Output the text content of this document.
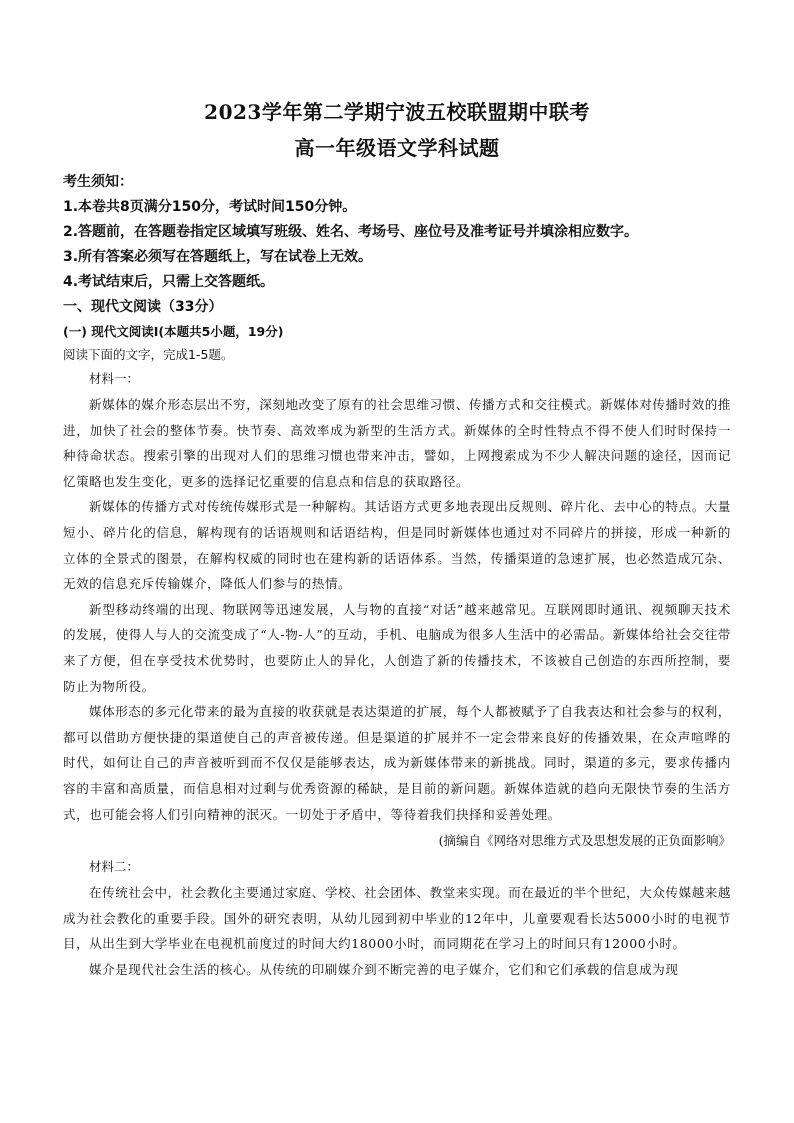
2023学年第二学期宁波五校联盟期中联考
高一年级语文学科试题
考生须知：
1.本卷共8页满分150分，考试时间150分钟。
2.答题前，在答题卷指定区域填写班级、姓名、考场号、座位号及准考证号并填涂相应数字。
3.所有答案必须写在答题纸上，写在试卷上无效。
4.考试结束后，只需上交答题纸。
一、现代文阅读（33分）
(一) 现代文阅读Ⅰ(本题共5小题，19分)
阅读下面的文字，完成1-5题。
材料一：

新媒体的媒介形态层出不穷，深刻地改变了原有的社会思维习惯、传播方式和交往模式。新媒体对传播时效的推进，加快了社会的整体节奏。快节奏、高效率成为新型的生活方式。新媒体的全时性特点不得不使人们时时保持一种待命状态。搜索引擎的出现对人们的思维习惯也带来冲击，譬如，上网搜索成为不少人解决问题的途径，因而记忆策略也发生变化，更多的选择记忆重要的信息点和信息的获取路径。

新媒体的传播方式对传统传媒形式是一种解构。其话语方式更多地表现出反规则、碎片化、去中心的特点。大量短小、碎片化的信息，解构现有的话语规则和话语结构，但是同时新媒体也通过对不同碎片的拼接，形成一种新的立体的全景式的图景，在解构权威的同时也在建构新的话语体系。当然，传播渠道的急速扩展，也必然造成冗杂、无效的信息充斥传输媒介，降低人们参与的热情。

新型移动终端的出现、物联网等迅速发展，人与物的直接“对话”越来越常见。互联网即时通讯、视频聊天技术的发展，使得人与人的交流变成了“人-物-人”的互动，手机、电脑成为很多人生活中的必需品。新媒体给社会交往带来了方便，但在享受技术优势时，也要防止人的异化，人创造了新的传播技术，不该被自己创造的东西所控制，要防止为物所役。

媒体形态的多元化带来的最为直接的收获就是表达渠道的扩展，每个人都被赋予了自我表达和社会参与的权利，都可以借助方便快捷的渠道使自己的声音被传递。但是渠道的扩展并不一定会带来良好的传播效果，在众声喧哗的时代，如何让自己的声音被听到而不仅仅是能够表达，成为新媒体带来的新挑战。同时，渠道的多元，要求传播内容的丰富和高质量，而信息相对过剩与优秀资源的稀缺，是目前的新问题。新媒体造就的趋向无限快节奏的生活方式，也可能会将人们引向精神的泯灭。一切处于矛盾中，等待着我们抉择和妥善处理。

(摘编自《网络对思维方式及思想发展的正负面影响》
材料二：

在传统社会中，社会教化主要通过家庭、学校、社会团体、教堂来实现。而在最近的半个世纪，大众传媒越来越成为社会教化的重要手段。国外的研究表明，从幼儿园到初中毕业的12年中，儿童要观看长达5000小时的电视节目，从出生到大学毕业在电视机前度过的时间大约18000小时，而同期花在学习上的时间只有12000小时。

媒介是现代社会生活的核心。从传统的印刷媒介到不断完善的电子媒介，它们和它们承载的信息成为现
